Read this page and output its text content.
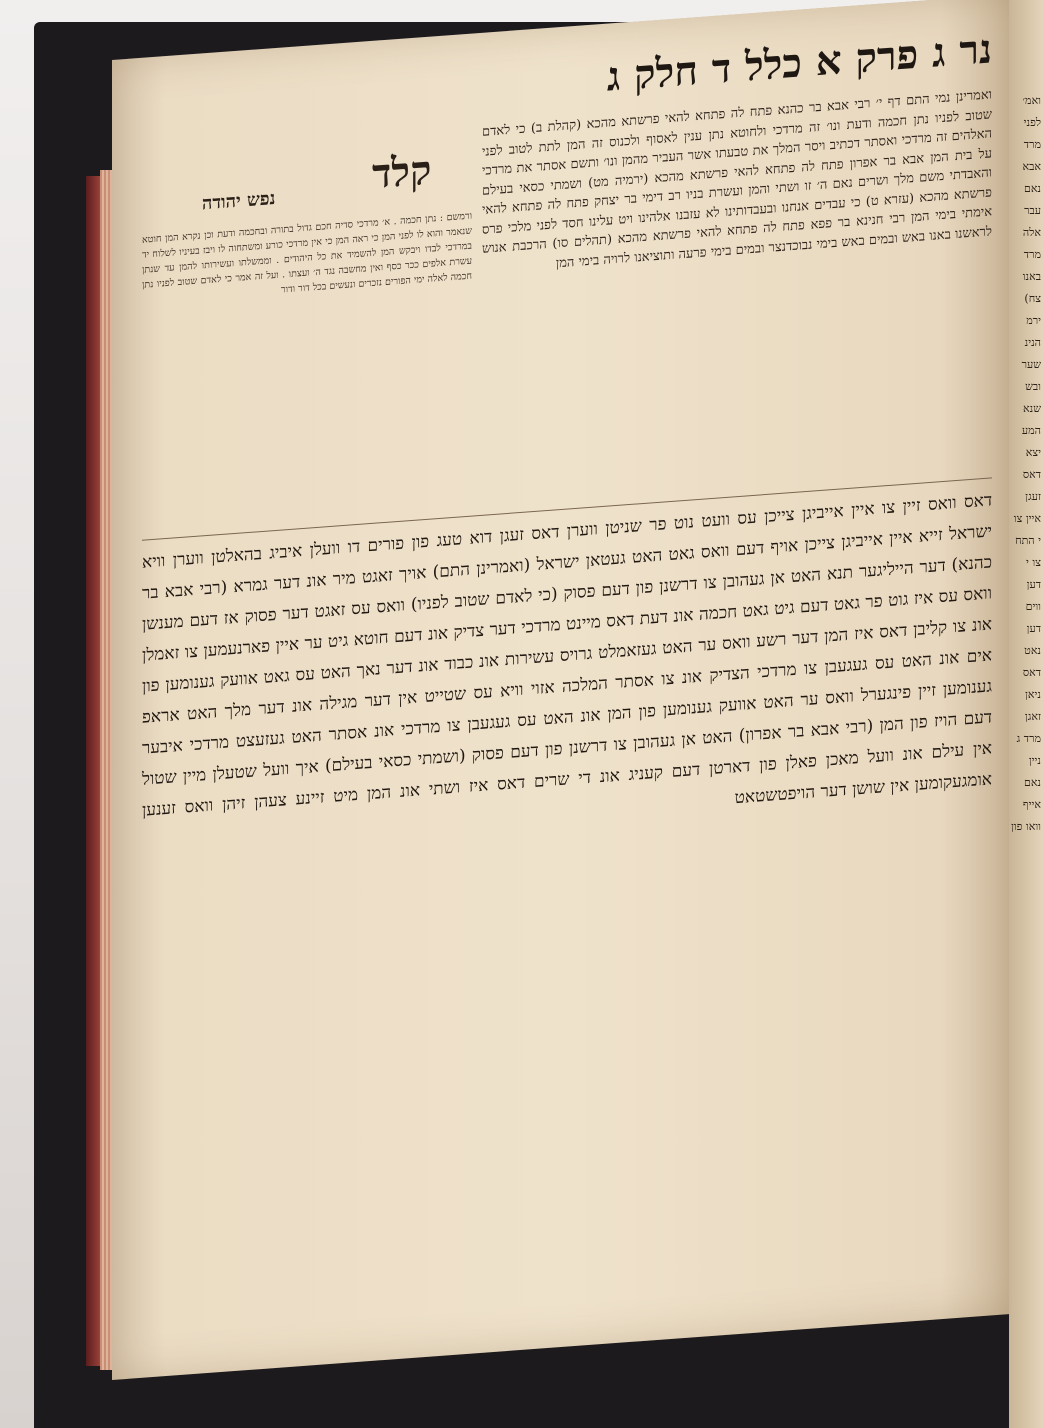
נר ג פרק א כלל ד חלק ג
קלד
נפש יהודה
ואמרינן נמי התם דף י׳ רבי אבא בר כהנא פתח לה פתחא להאי פרשתא מהכא (קהלת ב) כי לאדם שטוב לפניו נתן חכמה ודעת ונו׳ זה מרדכי ולחוטא נתן ענין לאסוף ולכנוס זה המן לתת לטוב לפני האלהים זה מרדכי ואסתר דכתיב ויסר המלך את טבעתו אשר העביר מהמן ונו׳ ותשם אסתר את מרדכי על בית המן אבא בר אפרון פתח לה פתחא להאי פרשתא מהכא (ירמיה מט) ושמתי כסאי בעילם והאבדתי משם מלך ושרים נאם ה׳ זו ושתי והמן ועשרת בניו רב דימי בר יצחק פתח לה פתחא להאי פרשתא מהכא (עזרא ט) כי עבדים אנחנו ובעבדותינו לא עזבנו אלהינו ויט עלינו חסד לפני מלכי פרס אימתי בימי המן רבי חנינא בר פפא פתח לה פתחא להאי פרשתא מהכא (תהלים סו) הרכבת אנוש לראשנו באנו באש ובמים באש בימי נבוכדנצר ובמים בימי פרעה ותוציאנו לרויה בימי המן
ורמשם : נתן חכמה . א׳ מרדכי סדיה חכם גדול בתורה ובחכמה ודעת וכן נקרא המן חוטא שנאמר והוא לו לפני המן כי ראה המן כי אין מרדכי כורע ומשתחוה לו ויבז בעיניו לשלוח יד במרדכי לבדו ויבקש המן להשמיד את כל היהודים . וממשלתו ועשירותו להמן עד שנתן עשרת אלפים ככר כסף ואין מחשבה נגד ה׳ ועצתו . ועל זה אמר כי לאדם שטוב לפניו נתן חכמה לאלה ימי הפורים נזכרים ונעשים בכל דור ודור
דאס וואס זיין צו איין אייביגן צייכן עס וועט נוט פר שניטן ווערן דאס זעגן דוא טעג פון פורים דו וועלן איביג בהאלטן ווערן וויא ישראל זייא איין אייביגן צייכן אויף דעם וואס גאט האט געטאן ישראל (ואמרינן התם) אויך זאגט מיר אונ דער גמרא (רבי אבא בר כהנא) דער הייליגער תנא האט אן געהובן צו דרשנן פון דעם פסוק (כי לאדם שטוב לפניו) וואס עס זאגט דער פסוק אז דעם מענשן וואס עס איז גוט פר גאט דעם גיט גאט חכמה אונ דעת דאס מיינט מרדכי דער צדיק אונ דעם חוטא גיט ער איין פארנעמען צו זאמלן אונ צו קליבן דאס איז המן דער רשע וואס ער האט געזאמלט גרויס עשירות אונ כבוד אונ דער נאך האט עס גאט אוועק גענומען פון אים אונ האט עס געגעבן צו מרדכי הצדיק אונ צו אסתר המלכה אזוי וויא עס שטייט אין דער מגילה אונ דער מלך האט אראפ גענומען זיין פינגערל וואס ער האט אוועק גענומען פון המן אונ האט עס געגעבן צו מרדכי אונ אסתר האט געזעצט מרדכי איבער דעם הויז פון המן (רבי אבא בר אפרון) האט אן געהובן צו דרשנן פון דעם פסוק (ושמתי כסאי בעילם) איך וועל שטעלן מיין שטול אין עילם אונ וועל מאכן פאלן פון דארטן דעם קעניג אונ די שרים דאס איז ושתי אונ המן מיט זיינע צעהן זיהן וואס זענען אומגעקומען אין שושן דער הויפטשטאט
ואמ׳ לפני מרד אבא נאם עבר אלה מרד באנו צח) ירמ הנינ שער ובש שנא המע יצא דאס זעגן איין צו י התח צו י דען ווים דען נאט דאס ניאן זאגן מרד ג ניין נאם אייף וואו פון
